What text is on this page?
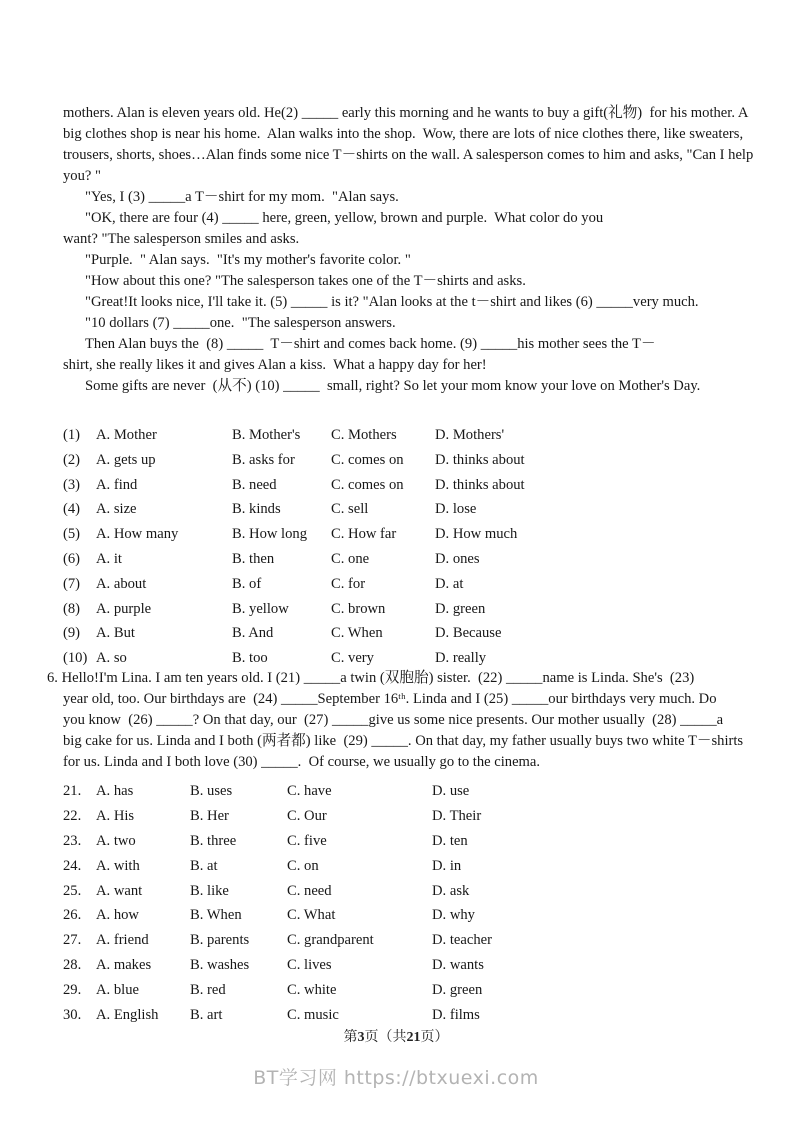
mothers. Alan is eleven years old. He(2) _____ early this morning and he wants to buy a gift(礼物)  for his mother. A
big clothes shop is near his home.  Alan walks into the shop.  Wow, there are lots of nice clothes there, like sweaters,
trousers, shorts, shoes…Alan finds some nice T－shirts on the wall. A salesperson comes to him and asks, "Can I help
you? "
"Yes, I (3) _____a T－shirt for my mom.  "Alan says.
"OK, there are four (4) _____ here, green, yellow, brown and purple.  What color do you
want? "The salesperson smiles and asks.
"Purple.  " Alan says.  "It's my mother's favorite color. "
"How about this one? "The salesperson takes one of the T－shirts and asks.
"Great!It looks nice, I'll take it. (5) _____ is it? "Alan looks at the t－shirt and likes (6) _____very much.
"10 dollars (7) _____one.  "The salesperson answers.
Then Alan buys the  (8) _____  T－shirt and comes back home. (9) _____his mother sees the T－
shirt, she really likes it and gives Alan a kiss.  What a happy day for her!
Some gifts are never  (从不) (10) _____  small, right? So let your mom know your love on Mother's Day.
(1) A. Mother	B. Mother's	C. Mothers	D. Mothers'
(2) A. gets up	B. asks for	C. comes on	D. thinks about
(3) A. find	B. need	C. comes on	D. thinks about
(4) A. size	B. kinds	C. sell	D. lose
(5) A. How many	B. How long	C. How far	D. How much
(6) A. it	B. then	C. one	D. ones
(7) A. about	B. of	C. for	D. at
(8) A. purple	B. yellow	C. brown	D. green
(9) A. But	B. And	C. When	D. Because
(10) A. so	B. too	C. very	D. really
6. Hello!I'm Lina. I am ten years old. I (21) _____a twin (双胞胎) sister.  (22) _____name is Linda. She's  (23)
year old, too. Our birthdays are  (24) _____September 16ᵗʰ. Linda and I (25) _____our birthdays very much. Do
you know  (26) _____? On that day, our  (27) _____give us some nice presents. Our mother usually  (28) _____a
big cake for us. Linda and I both (两者都) like  (29) _____. On that day, my father usually buys two white T－shirts
for us. Linda and I both love (30) _____.  Of course, we usually go to the cinema.
21.	A. has	B. uses	C. have	D. use
22.	A. His	B. Her	C. Our	D. Their
23.	A. two	B. three	C. five	D. ten
24.	A. with	B. at	C. on	D. in
25.	A. want	B. like	C. need	D. ask
26.	A. how	B. When	C. What	D. why
27.	A. friend	B. parents	C. grandparent	D. teacher
28.	A. makes	B. washes	C. lives	D. wants
29.	A. blue	B. red	C. white	D. green
30.	A. English	B. art	C. music	D. films
第3页（共21页）
BT学习网 https://btxuexi.com
